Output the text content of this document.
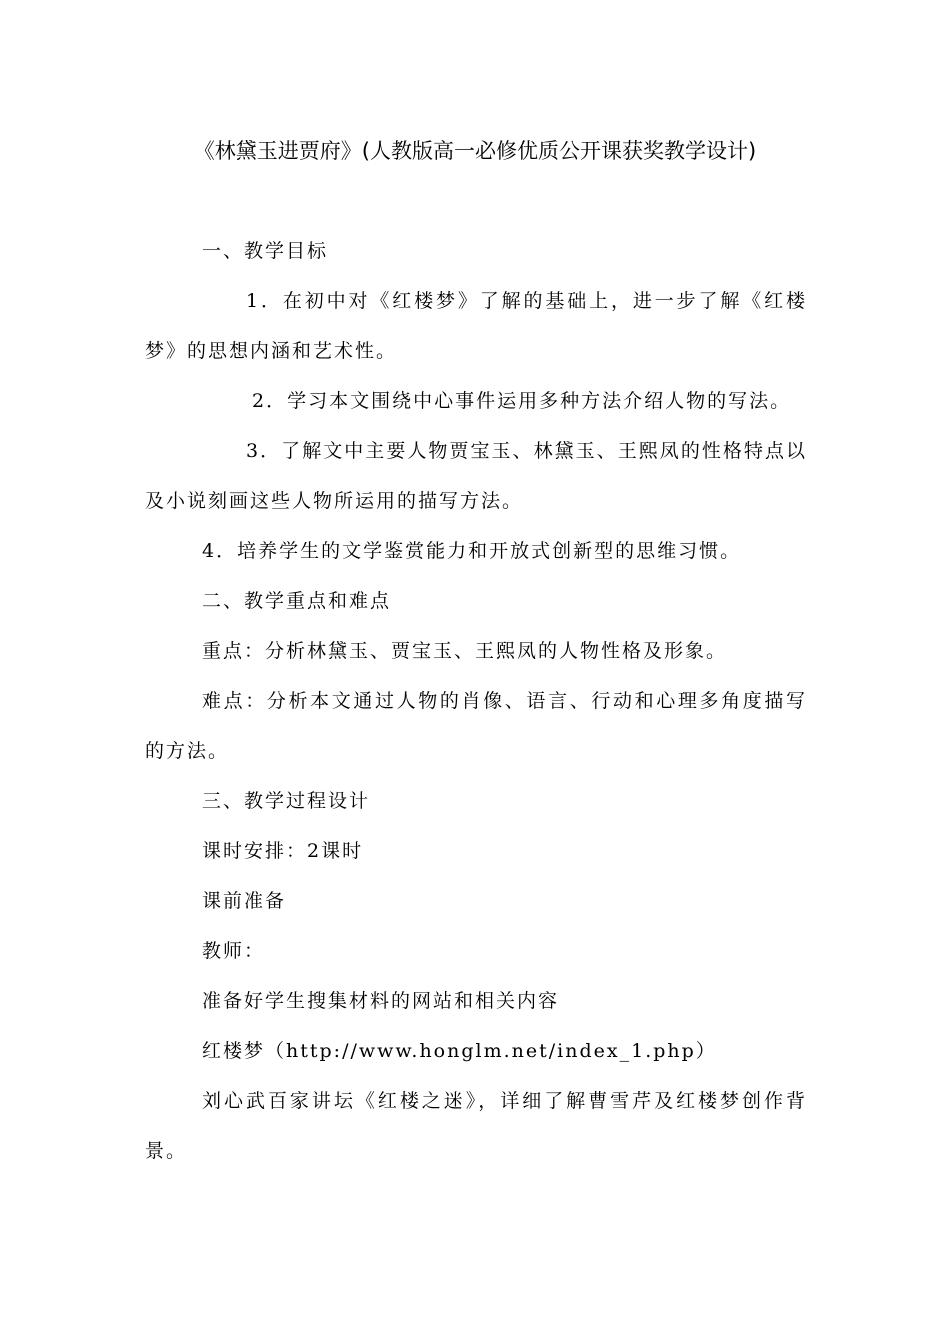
《林黛玉进贾府》(人教版高一必修优质公开课获奖教学设计)

一、教学目标

1．在初中对《红楼梦》了解的基础上，进一步了解《红楼梦》的思想内涵和艺术性。

2．学习本文围绕中心事件运用多种方法介绍人物的写法。

3．了解文中主要人物贾宝玉、林黛玉、王熙凤的性格特点以及小说刻画这些人物所运用的描写方法。

4．培养学生的文学鉴赏能力和开放式创新型的思维习惯。

二、教学重点和难点

重点：分析林黛玉、贾宝玉、王熙凤的人物性格及形象。

难点：分析本文通过人物的肖像、语言、行动和心理多角度描写的方法。

三、教学过程设计

课时安排：2课时

课前准备

教师：

准备好学生搜集材料的网站和相关内容

红楼梦（http://www.honglm.net/index_1.php）

刘心武百家讲坛《红楼之迷》，详细了解曹雪芹及红楼梦创作背景。
